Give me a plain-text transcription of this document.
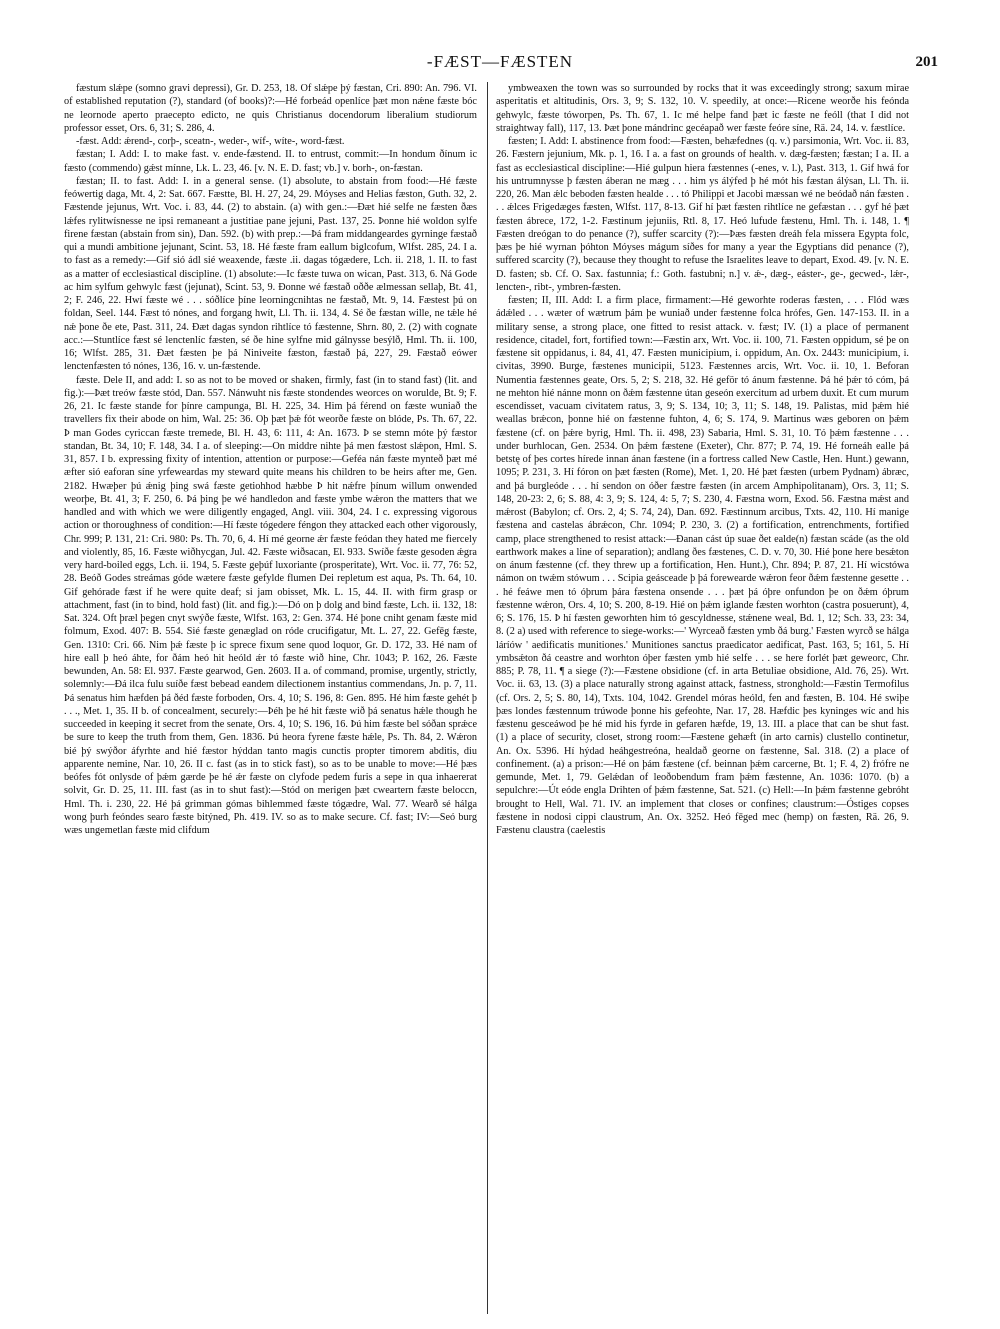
-FÆST—FÆSTEN	201

fæstum slǽpe (somno gravi depressi), Gr. D. 253, 18. Of slǽpe þý fæstan, Cri. 890: An. 796. VI. of established reputation (?), standard (of books)?:—Hé forbeád openlíce þæt mon nǽne fæste bóc ne leornode aperto praecepto edicto, ne quis Christianus docendorum liberalium studiorum professor esset, Ors. 6, 31; S. 286, 4.

-fæst. Add: ǽrend-, corþ-, sceatn-, weder-, wíf-, wíte-, word-fæst.

fæstan; I. Add: I. to make fast. v. ende-fæstend. II. to entrust, commit:—In hondum ðínum ic fæsto (commendo) gǽst mínne, Lk. L. 23, 46. [v. N. E. D. fast; vb.] v. borh-, on-fæstan.

fæstan; II. to fast. Add: I. in a general sense. (1) absolute, to abstain from food:—Hé fæste feówertig daga, Mt. 4, 2: Sat. 667. Fæstte, Bl. H. 27, 24, 29. Móyses and Helias fæston, Guth. 32, 2. Fæstende jejunus, Wrt. Voc. i. 83, 44. (2) to abstain. (a) with gen.:—Ðæt hié selfe ne fæsten ðæs lǽfes rylitwísnesse ne ipsi remaneant a justitiae pane jejuni, Past. 137, 25. Þonne hié woldon sylfe firene fæstan (abstain from sin), Dan. 592. (b) with prep.:—Þá fram middangeardes gyrninge fæstað qui a mundi ambitione jejunant, Scint. 53, 18. Hé fæste fram eallum biglcofum, Wlfst. 285, 24. I a. to fast as a remedy:—Gif sió ádl sié weaxende, fæste .ii. dagas tógædere, Lch. ii. 218, 1. II. to fast as a matter of ecclesiastical discipline. (1) absolute:—Ic fæste tuwa on wican, Past. 313, 6. Ná Gode ac him sylfum gehwylc fæst (jejunat), Scint. 53, 9. Ðonne wé fæstað oððe ælmessan sellaþ, Bt. 41, 2; F. 246, 22. Hwí fæste wé . . . sóðlíce þíne leorningcnihtas ne fæstað, Mt. 9, 14. Fæstest þú on foldan, Seel. 144. Fæst tó nónes, and forgang hwít, Ll. Th. ii. 134, 4. Sé ðe fæstan wille, ne tǽle hé nǽ þone ðe ete, Past. 311, 24. Ðæt dagas syndon rihtlíce tó fæstenne, Shrn. 80, 2. (2) with cognate acc.:—Stuntlíce fæst sé lenctenlíc fæsten, sé ðe hine sylfne mid gálnysse besýlð, Hml. Th. ii. 100, 16; Wlfst. 285, 31. Ðæt fæsten þe þá Niniveite fæston, fæstað þá, 227, 29. Fæstað eówer lenctenfæsten tó nónes, 136, 16. v. un-fæstende.

fæste. Dele II, and add: I. so as not to be moved or shaken, firmly, fast (in to stand fast) (lit. and fig.):—Þæt treów fæste stód, Dan. 557. Nánwuht nis fæste stondendes weorces on worulde, Bt. 9; F. 26, 21. Ic fæste stande for þínre campunga, Bl. H. 225, 34. Him þá férend on fæste wuniað the travellers fix their abode on him, Wal. 25: 36. Oþ þæt þǽ fót weorðe fæste on blóde, Ps. Th. 67, 22. Þ man Godes cyriccan fæste tremede, Bl. H. 43, 6: 111, 4: An. 1673. Þ se stemn móte þý fæstor standan, Bt. 34, 10; F. 148, 34. I a. of sleeping:—On middre nihte þá men fæstost slǽpon, Hml. S. 31, 857. I b. expressing fixity of intention, attention or purpose:—Geféa nán fæste mynteð þæt mé æfter sió eaforan síne yrfeweardas my steward quite means his children to be heirs after me, Gen. 2182. Hwæþer þú ǽnig þing swá fæste getiohhod hæbbe Þ hit nǽfre þínum willum onwended weorþe, Bt. 41, 3; F. 250, 6. Þá þing þe wé handledon and fæste ymbe wǽron the matters that we handled and with which we were diligently engaged, Angl. viii. 304, 24. I c. expressing vigorous action or thoroughness of condition:—Hí fæste tógedere féngon they attacked each other vigorously, Chr. 999; P. 131, 21: Cri. 980: Ps. Th. 70, 6, 4. Hí mé georne ǽr fæste feódan they hated me fiercely and violently, 85, 16. Fæste wiðhycgan, Jul. 42. Fæste wiðsacan, El. 933. Swíðe fæste gesoden ǽgra very hard-boiled eggs, Lch. ii. 194, 5. Fæste geþúf luxoriante (prosperitate), Wrt. Voc. ii. 77, 76: 52, 28. Beóð Godes streámas góde wætere fæste gefylde flumen Dei repletum est aqua, Ps. Th. 64, 10. Gif gehórade fæst if he were quite deaf; si jam obisset, Mk. L. 15, 44. II. with firm grasp or attachment, fast (in to bind, hold fast) (lit. and fig.):—Dó on þ dolg and bind fæste, Lch. ii. 132, 18: Sat. 324. Oft þræl þegen cnyt swýðe fæste, Wlfst. 163, 2: Gen. 374. Hé þone cniht genam fæste mid folmum, Exod. 407: B. 554. Sié fæste genæglad on róde crucifigatur, Mt. L. 27, 22. Gefēg fæste, Gen. 1310: Cri. 66. Nim þǽ fæste þ ic sprece fixum sene quod loquor, Gr. D. 172, 33. Hé nam of hire eall þ heó áhte, for ðám heó hit heóld ǽr tó fæste wið hine, Chr. 1043; P. 162, 26. Fæste bewunden, An. 58: El. 937. Fæste gearwod, Gen. 2603. II a. of command, promise, urgently, strictly, solemnly:—Ðá ilca fulu suíðe fæst bebead eandem dilectionem instantius commendans, Jn. p. 7, 11. Þá senatus him hæfden þá ðéd fæste forboden, Ors. 4, 10; S. 196, 8: Gen. 895. Hé him fæste gehét þ . . ., Met. 1, 35. II b. of concealment, securely:—Þéh þe hé hit fæste wið þá senatus hǽle though he succeeded in keeping it secret from the senate, Ors. 4, 10; S. 196, 16. Þú him fæste bel sóðan sprǽce be sure to keep the truth from them, Gen. 1836. Þú heora fyrene fæste hǽle, Ps. Th. 84, 2. Wǽron bié þý swýðor áfyrhte and hié fæstor hýddan tanto magis cunctis propter timorem abditis, diu apparente nemine, Nar. 10, 26. II c. fast (as in to stick fast), so as to be unable to move:—Hé þæs beófes fót onlysde of þǽm gærde þe hé ǽr fæste on clyfode pedem furis a sepe in qua inhaererat solvit, Gr. D. 25, 11. III. fast (as in to shut fast):—Stód on merigen þæt cweartern fæste beloccn, Hml. Th. i. 230, 22. Hé þá grimman gómas bihlemmed fæste tógædre, Wal. 77. Wearð sé hálga wong þurh feóndes searo fæste bitýned, Ph. 419. IV. so as to make secure. Cf. fast; IV:—Seó burg wæs ungemetlan fæste mid clifdum

ymbweaxen the town was so surrounded by rocks that it was exceedingly strong; saxum mirae asperitatis et altitudinis, Ors. 3, 9; S. 132, 10. V. speedily, at once:—Ricene weorðe his feónda gehwylc, fæste tóworpen, Ps. Th. 67, 1. Ic mé helpe fand þæt ic fæste ne feóll (that I did not straightway fall), 117, 13. Þæt þone mándrinc gecéapað wer fæste feóre síne, Rä. 24, 14. v. fæstlíce.

fæsten; I. Add: I. abstinence from food:—Fæsten, behæfednes (q. v.) parsimonia, Wrt. Voc. ii. 83, 26. Fæstern jejunium, Mk. p. 1, 16. I a. a fast on grounds of health. v. dæg-fæsten; fæstan; I a. II. a fast as ecclesiastical discipline:—Hié gulpun hiera fæstennes (-enes, v. l.), Past. 313, 1. Gif hwá for his untrumnysse þ fæsten áberan ne mæg . . . him ys álýfed þ hé mót his fæstan álýsan, Ll. Th. ii. 220, 26. Man ǽlc beboden fæsten healde . . . tó Philippi et Jacobi mæssan wé ne beódað nán fæsten . . . ǽlces Frigedæges fæsten, Wlfst. 117, 8-13. Gif hí þæt fæsten rihtlíce ne gefæstan . . . gyf hé þæt fæsten ábrece, 172, 1-2. Fæstinum jejuniis, Rtl. 8, 17. Heó lufude fæstenu, Hml. Th. i. 148, 1. ¶ Fæsten dreógan to do penance (?), suffer scarcity (?):—Þæs fæsten dreáh fela missera Egypta folc, þæs þe hié wyrnan þóhton Móyses mágum síðes for many a year the Egyptians did penance (?), suffered scarcity (?), because they thought to refuse the Israelites leave to depart, Exod. 49. [v. N. E. D. fasten; sb. Cf. O. Sax. fastunnia; f.: Goth. fastubni; n.] v. ǽ-, dæg-, eáster-, ge-, gecwed-, lǽr-, lencten-, ribt-, ymbren-fæsten.

fæsten; II, III. Add: I. a firm place, firmament:—Hé geworhte roderas fæsten, . . . Flód wæs ádǽled . . . wæter of wætrum þám þe wuniað under fæstenne folca hrófes, Gen. 147-153. II. in a military sense, a strong place, one fitted to resist attack. v. fæst; IV. (1) a place of permanent residence, citadel, fort, fortified town:—Fæstin arx, Wrt. Voc. ii. 100, 71. Fæsten oppidum, sé þe on fæstene sit oppidanus, i. 84, 41, 47. Fæsten municipium, i. oppidum, An. Ox. 2443: municipium, i. civitas, 3990. Burge, fæstenes municipii, 5123. Fæstennes arcis, Wrt. Voc. ii. 10, 1. Beforan Numentia fæstennes geate, Ors. 5, 2; S. 218, 32. Hé geför tó ánum fæstenne. Þá hé þǽr tó cóm, þá ne mehton hié nánne monn on ðǽm fæstenne útan geseón exercitum ad urbem duxit. Et cum murum escendisset, vacuam civitatem ratus, 3, 9; S. 134, 10; 3, 11; S. 148, 19. Palistas, mid þǽm hié weallas brǽcon, þonne hié on fæstenne fuhton, 4, 6; S. 174, 9. Martinus wæs geboren on þǽm fæstene (cf. on þǽre byrig, Hml. Th. ii. 498, 23) Sabaria, Hml. S. 31, 10. Tó þǽm fæstenne . . . under burhlocan, Gen. 2534. On þǽm fæstene (Exeter), Chr. 877; P. 74, 19. Hé forneáh ealle þá betstę of þes cortes hírede innan ánan fæstene (in a fortress called New Castle, Hen. Hunt.) gewann, 1095; P. 231, 3. Hí fóron on þæt fæsten (Rome), Met. 1, 20. Hé þæt fæsten (urbem Pydnam) ábræc, and þá burgleóde . . . hí sendon on óðer fæstre fæsten (in arcem Amphipolitanam), Ors. 3, 11; S. 148, 20-23: 2, 6; S. 88, 4: 3, 9; S. 124, 4: 5, 7; S. 230, 4. Fæstna worn, Exod. 56. Fæstna mǽst and mǽrost (Babylon; cf. Ors. 2, 4; S. 74, 24), Dan. 692. Fæstinnum arcibus, Txts. 42, 110. Hí manige fæstena and castelas ábrǽcon, Chr. 1094; P. 230, 3. (2) a fortification, entrenchments, fortified camp, place strengthened to resist attack:—Ðanan cást úp suae ðet ealde(n) fæstan scáde (as the old earthwork makes a line of separation); andlang ðes fæstenes, C. D. v. 70, 30. Hié þone here besǽton on ánum fæstenne (cf. they threw up a fortification, Hen. Hunt.), Chr. 894; P. 87, 21. Hí wicstówa námon on twǽm stówum . . . Scipia geásceade þ þá forewearde wǽron feor ðǽm fæstenne gesette . . . hé feáwe men tó óþrum þára fæstena onsende . . . þæt þá óþre onfundon þe on ðǽm óþrum fæstenne wǽron, Ors. 4, 10; S. 200, 8-19. Hié on þǽm iglande fæsten worhton (castra posuerunt), 4, 6; S. 176, 15. Þ hí fæsten geworhten him tó gescyldnesse, stǽnene weal, Bd. 1, 12; Sch. 33, 23: 34, 8. (2 a) used with reference to siege-works:—' Wyrceað fæsten ymb ðá burg.' Fæsten wyrcð se hálga láríów ' aedificatis munitiones.' Munitiones sanctus praedicator aedificat, Past. 163, 5; 161, 5. Hí ymbsǽton ðá ceastre and worhton óþer fæsten ymb hié selfe . . . se here forlét þæt geweorc, Chr. 885; P. 78, 11. ¶ a siege (?):—Fæstene obsidione (cf. in arta Betuliae obsidione, Ald. 76, 25). Wrt. Voc. ii. 63, 13. (3) a place naturally strong against attack, fastness, stronghold:—Fæstin Termofilus (cf. Ors. 2, 5; S. 80, 14), Txts. 104, 1042. Grendel móras heóld, fen and fæsten, B. 104. Hé swiþe þæs londes fæstennum trúwode þonne his gefeohte, Nar. 17, 28. Hæfdic þes kyninges wíc and his fæstenu gesceáwod þe hé mid his fyrde in gefaren hæfde, 19, 13. III. a place that can be shut fast. (1) a place of security, closet, strong room:—Fæstene gehæft (in arto carnis) clustello continetur, An. Ox. 5396. Hí hýdad heáhgestreóna, healdað georne on fæstenne, Sal. 318. (2) a place of confinement. (a) a prison:—Hé on þám fæstene (cf. beinnan þǽm carcerne, Bt. 1; F. 4, 2) frófre ne gemunde, Met. 1, 79. Gelǽdan of leoðobendum fram þǽm fæstenne, An. 1036: 1070. (b) a sepulchre:—Út eóde engla Drihten of þǽm fæstenne, Sat. 521. (c) Hell:—In þǽm fæstenne gebróht brought to Hell, Wal. 71. IV. an implement that closes or confines; claustrum:—Óstiges copses fæstene in nodosi cippi claustrum, An. Ox. 3252. Heó fēged mec (hemp) on fæsten, Rä. 26, 9. Fæstenu claustra (caelestis
